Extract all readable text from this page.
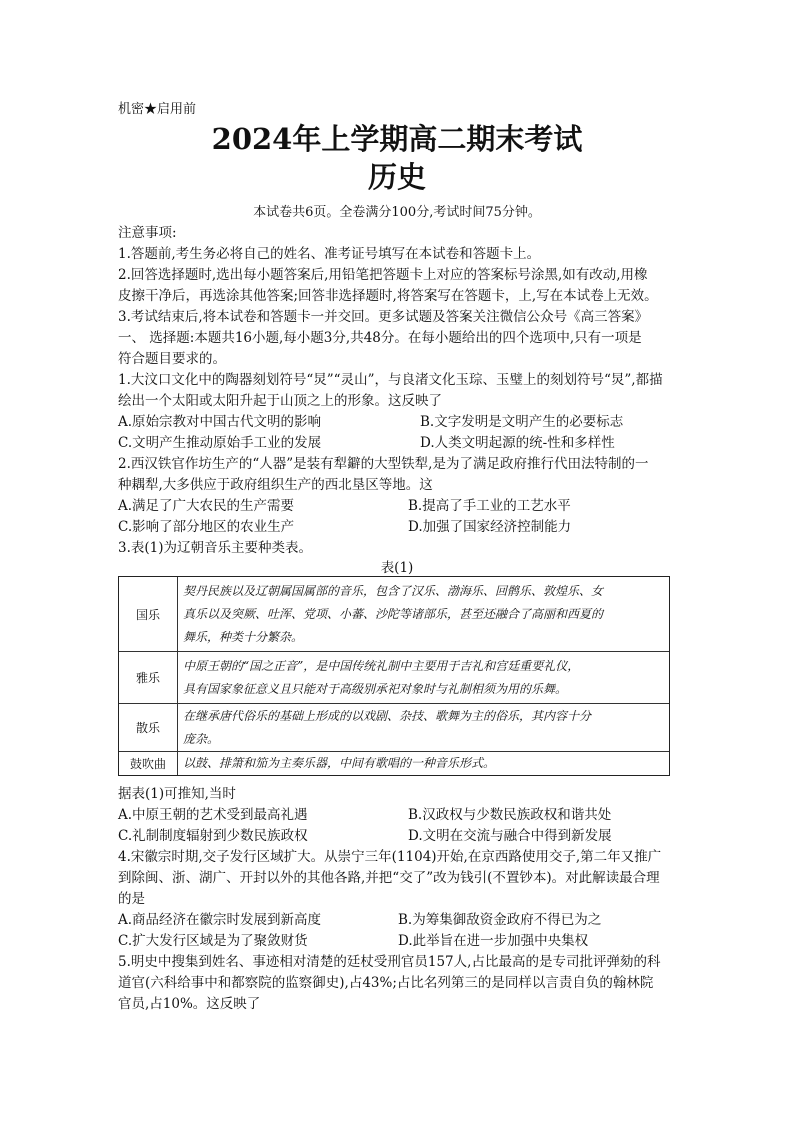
机密★启用前
2024年上学期高二期末考试
历史
本试卷共6页。全卷满分100分,考试时间75分钟。
注意事项:
1.答题前,考生务必将自己的姓名、准考证号填写在本试卷和答题卡上。
2.回答选择题时,选出每小题答案后,用铅笔把答题卡上对应的答案标号涂黑,如有改动,用橡
皮擦干净后，再选涂其他答案;回答非选择题时,将答案写在答题卡，上,写在本试卷上无效。
3.考试结束后,将本试卷和答题卡一并交回。更多试题及答案关注微信公众号《高三答案》
一、 选择题:本题共16小题,每小题3分,共48分。在每小题给出的四个选项中,只有一项是
符合题目要求的。
1.大汶口文化中的陶器刻划符号“炅”“灵山”，与良渚文化玉琮、玉璧上的刻划符号“炅”,都描
绘出一个太阳或太阳升起于山顶之上的形象。这反映了
A.原始宗教对中国古代文明的影响	B.文字发明是文明产生的必要标志
C.文明产生推动原始手工业的发展	D.人类文明起源的统-性和多样性
2.西汉铁官作坊生产的“人器”是装有犁鐴的大型铁犁,是为了满足政府推行代田法特制的一
种耦犁,大多供应于政府组织生产的西北垦区等地。这
A.满足了广大农民的生产需要	B.提高了手工业的工艺水平
C.影响了部分地区的农业生产	D.加强了国家经济控制能力
3.表(1)为辽朝音乐主要种类表。
表(1)
国乐
契丹民族以及辽朝属国属部的音乐，包含了汉乐、渤海乐、回鹘乐、敦煌乐、女
真乐以及突厥、吐浑、党项、小蕃、沙陀等诸部乐，甚至还融合了高丽和西夏的
舞乐，种类十分繁杂。
雅乐
中原王朝的“国之正音”，是中国传统礼制中主要用于吉礼和宫廷重要礼仪，
具有国家象征意义且只能对于高级别承祀对象时与礼制相须为用的乐舞。
散乐
在继承唐代俗乐的基础上形成的以戏剧、杂技、歌舞为主的俗乐，其内容十分
庞杂。
鼓吹曲	以鼓、排箫和笳为主奏乐器，中间有歌唱的一种音乐形式。
据表(1)可推知,当时
A.中原王朝的艺术受到最高礼遇	B.汉政权与少数民族政权和谐共处
C.礼制制度辐射到少数民族政权	D.文明在交流与融合中得到新发展
4.宋徽宗时期,交子发行区域扩大。从崇宁三年(1104)开始,在京西路使用交子,第二年又推广
到除闽、浙、湖广、开封以外的其他各路,并把“交了”改为钱引(不置钞本)。对此解读最合理
的是
A.商品经济在徽宗时发展到新高度	B.为筹集御敌资金政府不得已为之
C.扩大发行区域是为了聚敛财货	D.此举旨在进一步加强中央集权
5.明史中搜集到姓名、事迹相对清楚的廷杖受刑官员157人,占比最高的是专司批评弹劾的科
道官(六科给事中和都察院的监察御史),占43%;占比名列第三的是同样以言责自负的翰林院
官员,占10%。这反映了
